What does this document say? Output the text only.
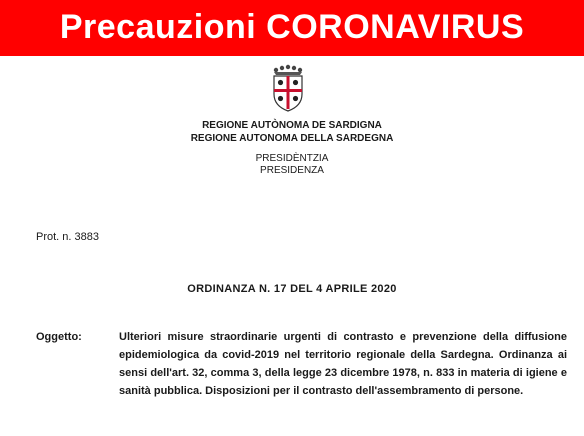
Precauzioni CORONAVIRUS
REGIONE AUTÒNOMA DE SARDIGNA
REGIONE AUTONOMA DELLA SARDEGNA
PRESIDÈNTZIA
PRESIDENZA
Prot. n. 3883
ORDINANZA N. 17 DEL 4 APRILE 2020
Oggetto:	Ulteriori misure straordinarie urgenti di contrasto e prevenzione della diffusione epidemiologica da covid-2019 nel territorio regionale della Sardegna. Ordinanza ai sensi dell'art. 32, comma 3, della legge 23 dicembre 1978, n. 833 in materia di igiene e sanità pubblica. Disposizioni per il contrasto dell'assembramento di persone.
